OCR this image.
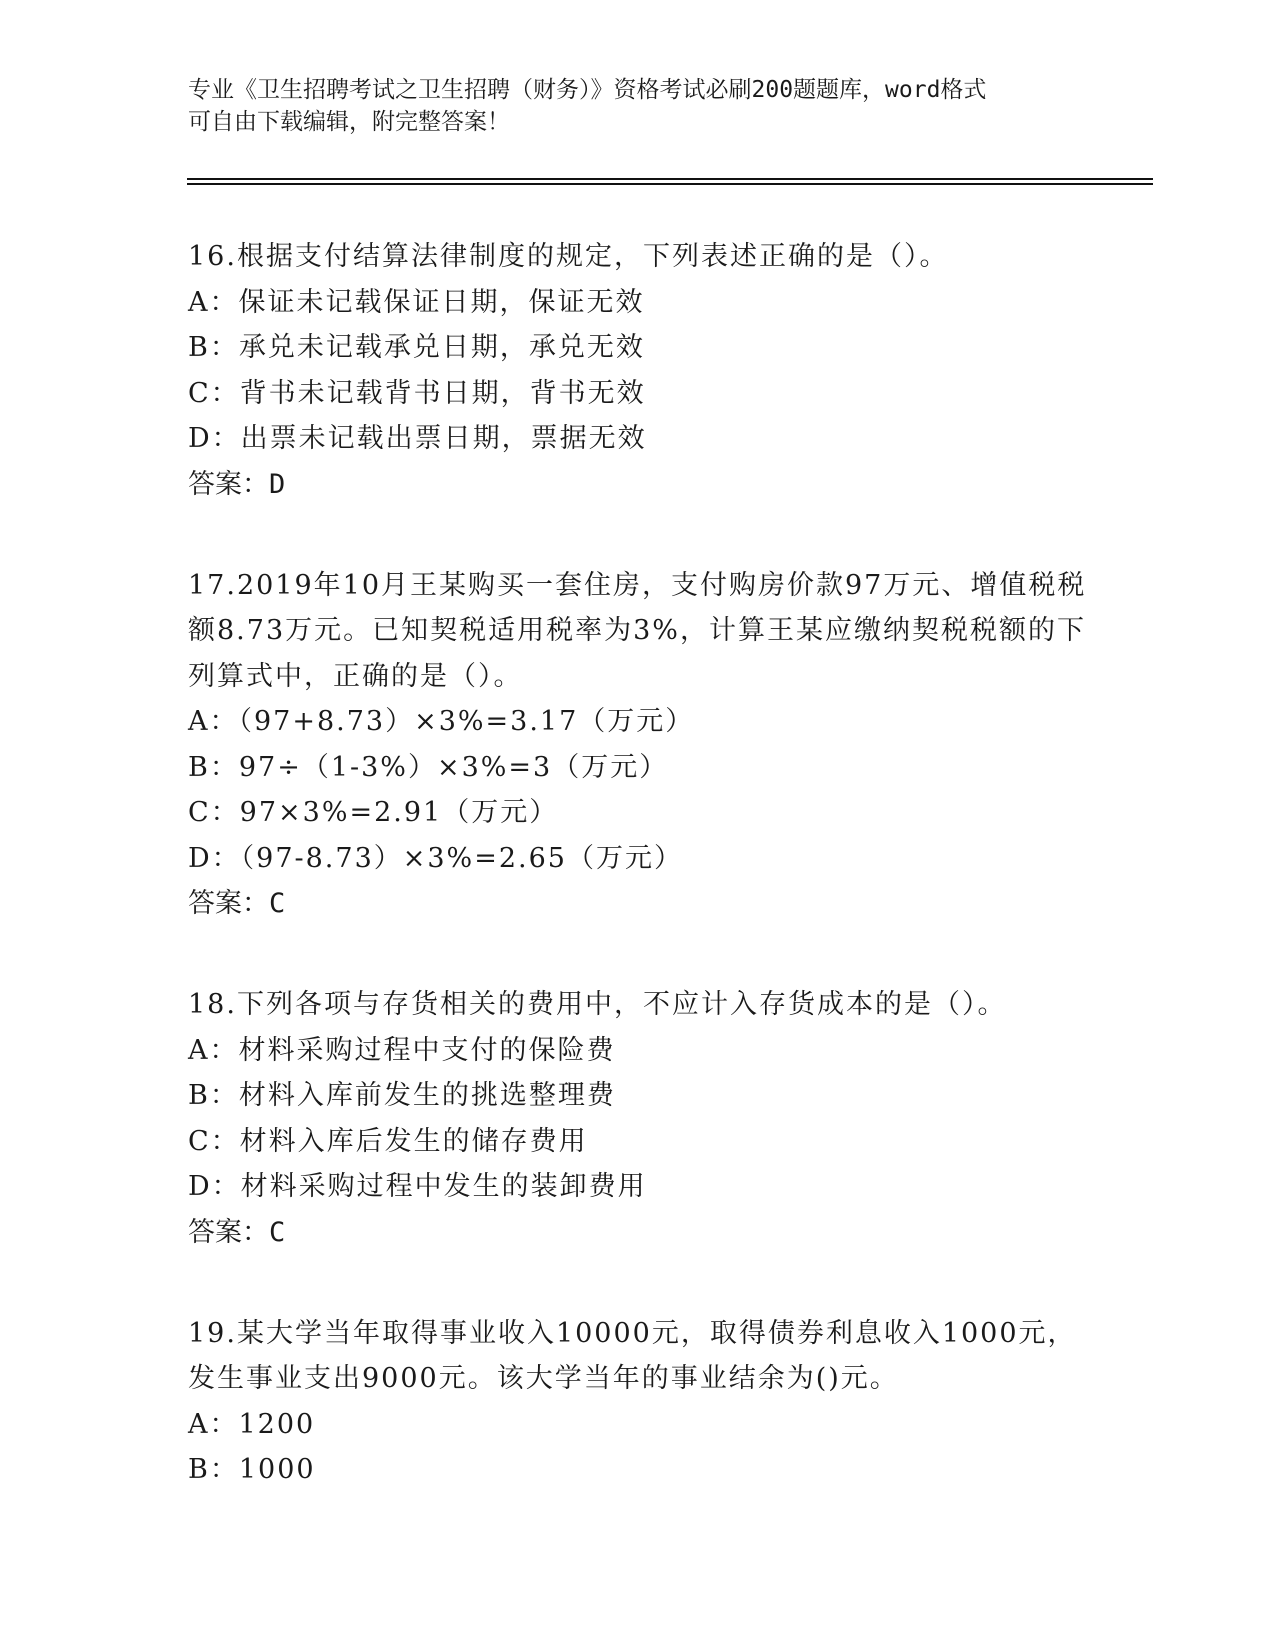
专业《卫生招聘考试之卫生招聘（财务）》资格考试必刷200题题库，word格式
可自由下载编辑，附完整答案！

16.根据支付结算法律制度的规定，下列表述正确的是（）。

A：保证未记载保证日期，保证无效

B：承兑未记载承兑日期，承兑无效

C：背书未记载背书日期，背书无效

D：出票未记载出票日期，票据无效

答案：D

17.2019年10月王某购买一套住房，支付购房价款97万元、增值税税

额8.73万元。已知契税适用税率为3%，计算王某应缴纳契税税额的下

列算式中，正确的是（）。

A：（97+8.73）×3%=3.17（万元）

B：97÷（1-3%）×3%=3（万元）

C：97×3%=2.91（万元）

D：（97-8.73）×3%=2.65（万元）

答案：C

18.下列各项与存货相关的费用中，不应计入存货成本的是（）。

A：材料采购过程中支付的保险费

B：材料入库前发生的挑选整理费

C：材料入库后发生的储存费用

D：材料采购过程中发生的装卸费用

答案：C

19.某大学当年取得事业收入10000元，取得债券利息收入1000元，

发生事业支出9000元。该大学当年的事业结余为()元。

A：1200

B：1000
